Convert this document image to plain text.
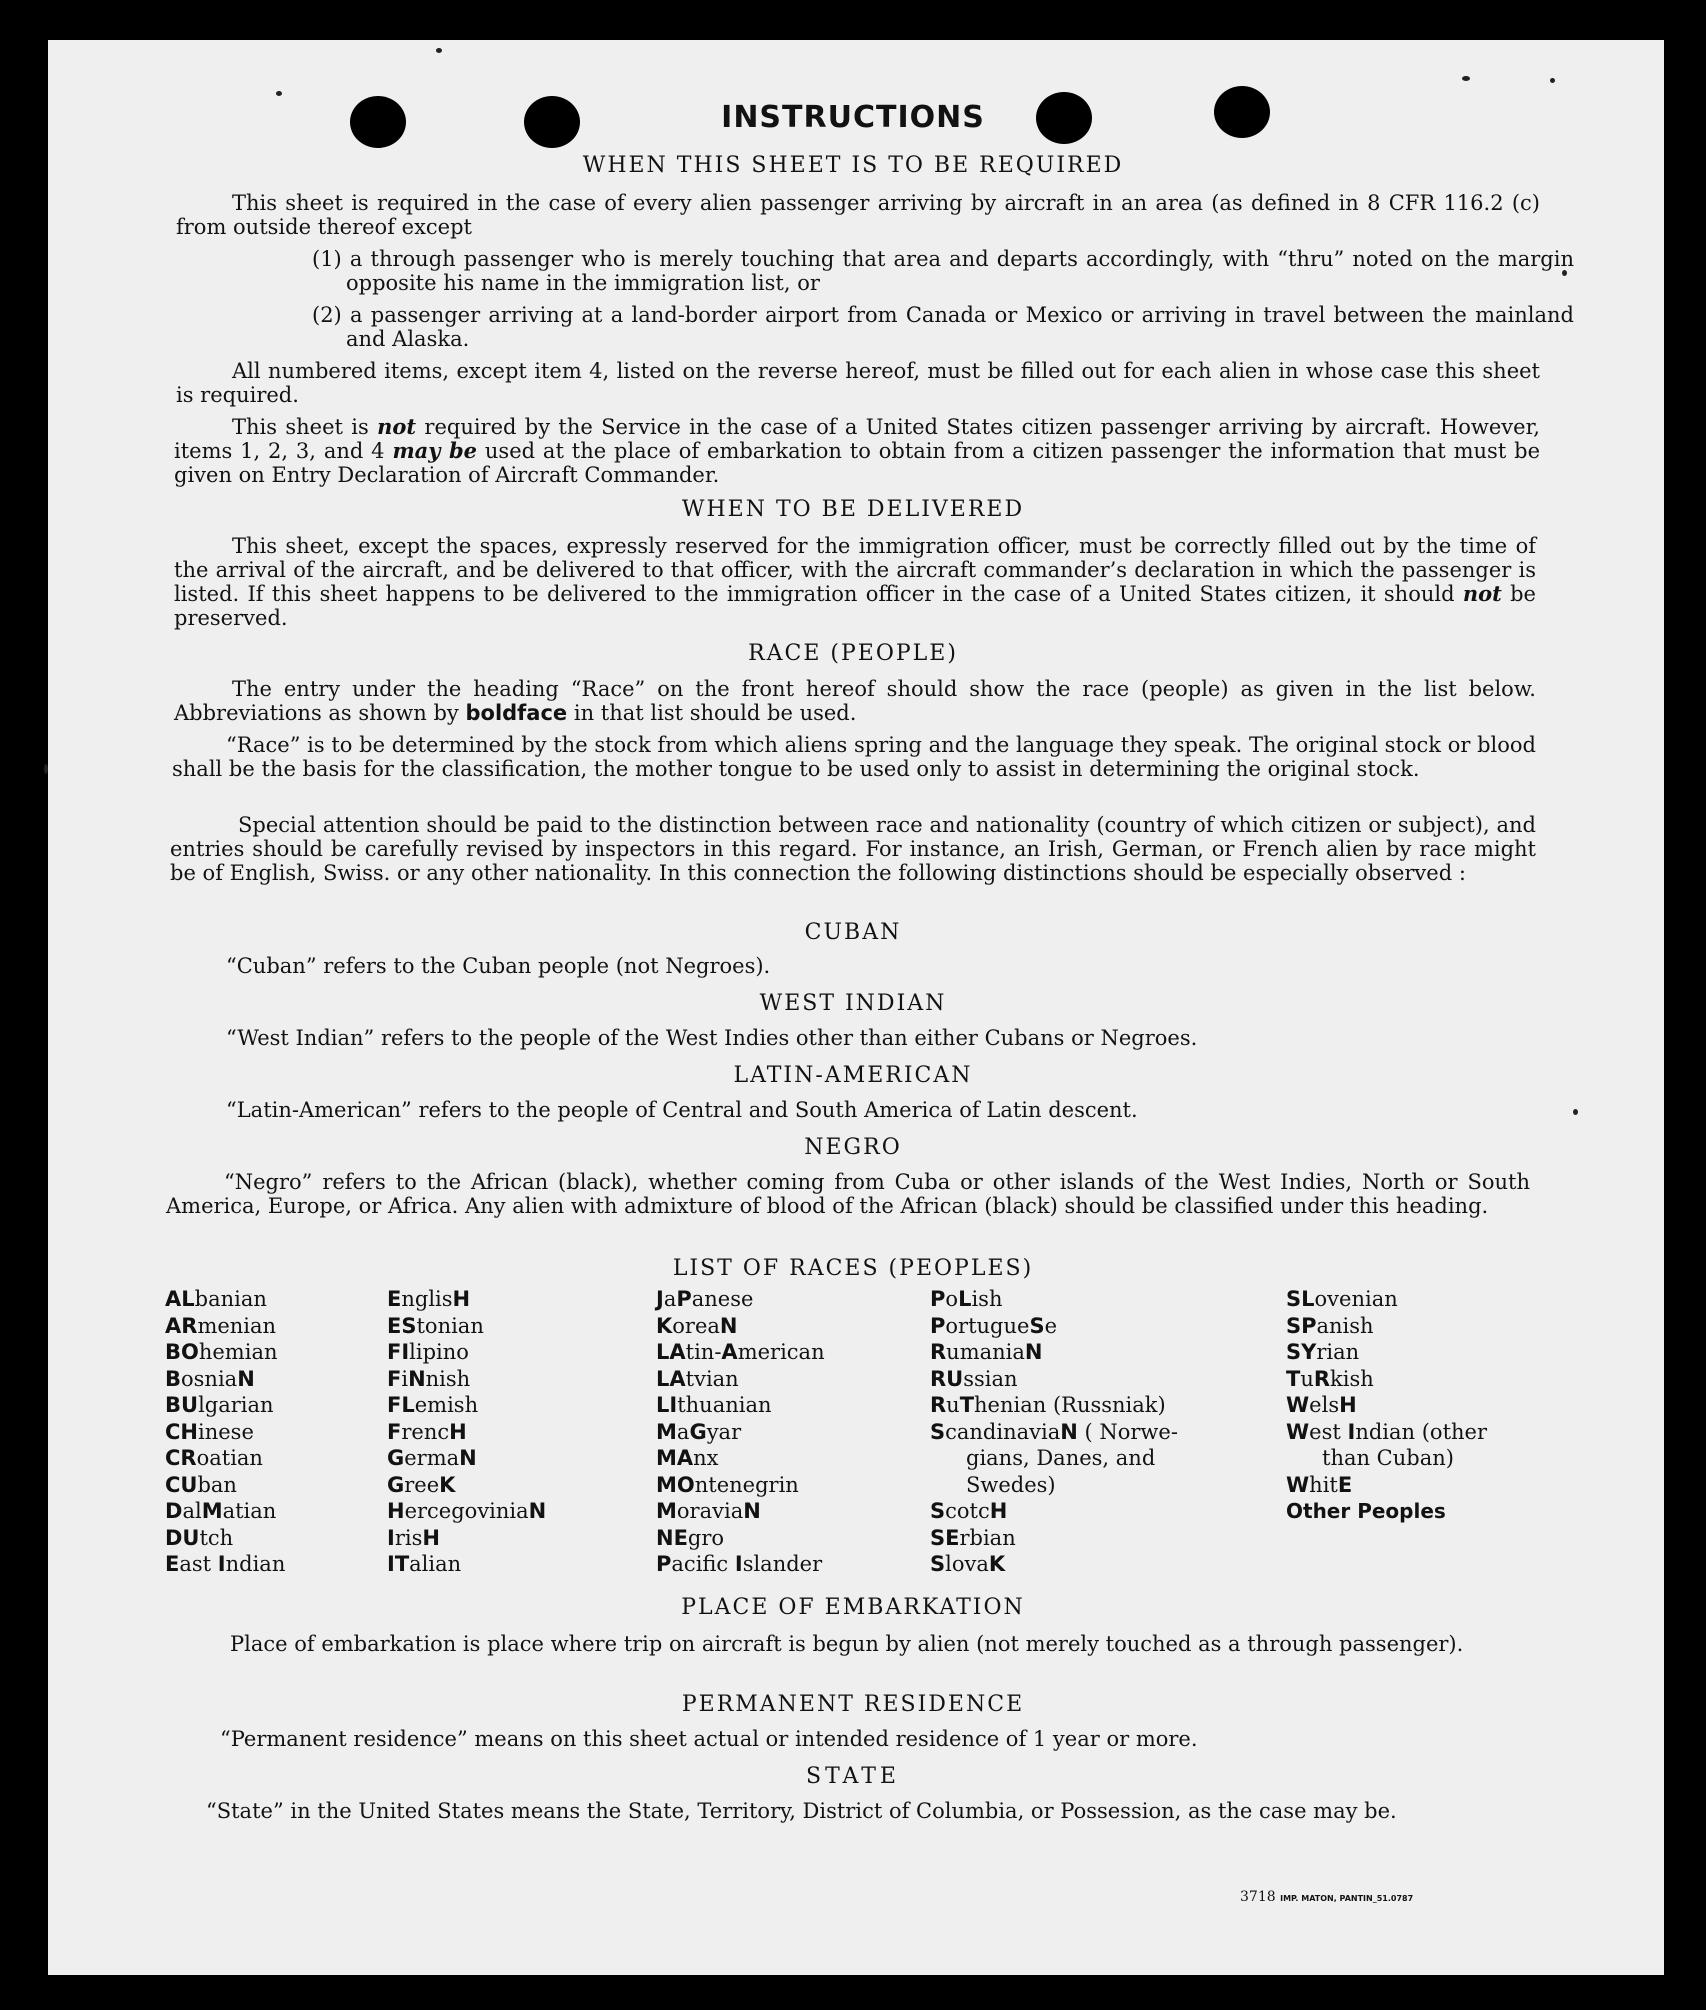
INSTRUCTIONS
WHEN THIS SHEET IS TO BE REQUIRED

This sheet is required in the case of every alien passenger arriving by aircraft in an area (as defined in 8 CFR 116.2 (c) from outside thereof except

(1) a through passenger who is merely touching that area and departs accordingly, with “thru” noted on the margin opposite his name in the immigration list, or

(2) a passenger arriving at a land-border airport from Canada or Mexico or arriving in travel between the mainland and Alaska.

All numbered items, except item 4, listed on the reverse hereof, must be filled out for each alien in whose case this sheet is required.

This sheet is not required by the Service in the case of a United States citizen passenger arriving by aircraft. However, items 1, 2, 3, and 4 may be used at the place of embarkation to obtain from a citizen passenger the information that must be given on Entry Declaration of Aircraft Commander.

WHEN TO BE DELIVERED

This sheet, except the spaces, expressly reserved for the immigration officer, must be correctly filled out by the time of the arrival of the aircraft, and be delivered to that officer, with the aircraft commander’s declaration in which the passenger is listed. If this sheet happens to be delivered to the immigration officer in the case of a United States citizen, it should not be preserved.

RACE (PEOPLE)

The entry under the heading “Race” on the front hereof should show the race (people) as given in the list below. Abbreviations as shown by boldface in that list should be used.

“Race” is to be determined by the stock from which aliens spring and the language they speak. The original stock or blood shall be the basis for the classification, the mother tongue to be used only to assist in determining the original stock.

Special attention should be paid to the distinction between race and nationality (country of which citizen or subject), and entries should be carefully revised by inspectors in this regard. For instance, an Irish, German, or French alien by race might be of English, Swiss. or any other nationality. In this connection the following distinctions should be especially observed :

CUBAN
“Cuban” refers to the Cuban people (not Negroes).
WEST INDIAN
“West Indian” refers to the people of the West Indies other than either Cubans or Negroes.
LATIN-AMERICAN
“Latin-American” refers to the people of Central and South America of Latin descent.
NEGRO

“Negro” refers to the African (black), whether coming from Cuba or other islands of the West Indies, North or South America, Europe, or Africa. Any alien with admixture of blood of the African (black) should be classified under this heading.

LIST OF RACES (PEOPLES)
ALbanian
ARmenian
BOhemian
BosniaN
BUlgarian
CHinese
CRoatian
CUban
DalMatian
DUtch
East Indian
EnglisH
EStonian
FIlipino
FiNnish
FLemish
FrencH
GermaN
GreeK
HercegoviniaN
IrisH
ITalian
JaPanese
KoreaN
LAtin-American
LAtvian
LIthuanian
MaGyar
MAnx
MOntenegrin
MoraviaN
NEgro
Pacific Islander
PoLish
PortugueSe
RumaniaN
RUssian
RuThenian (Russniak)
ScandinaviaN ( Norwe-
gians, Danes, and
Swedes)
ScotcH
SErbian
SlovaK
SLovenian
SPanish
SYrian
TuRkish
WelsH
West Indian (other
than Cuban)
WhitE
Other Peoples
PLACE OF EMBARKATION

Place of embarkation is place where trip on aircraft is begun by alien (not merely touched as a through passenger).

PERMANENT RESIDENCE
“Permanent residence” means on this sheet actual or intended residence of 1 year or more.
STATE
“State” in the United States means the State, Territory, District of Columbia, or Possession, as the case may be.
3718 IMP. MATON, PANTIN_51.0787
